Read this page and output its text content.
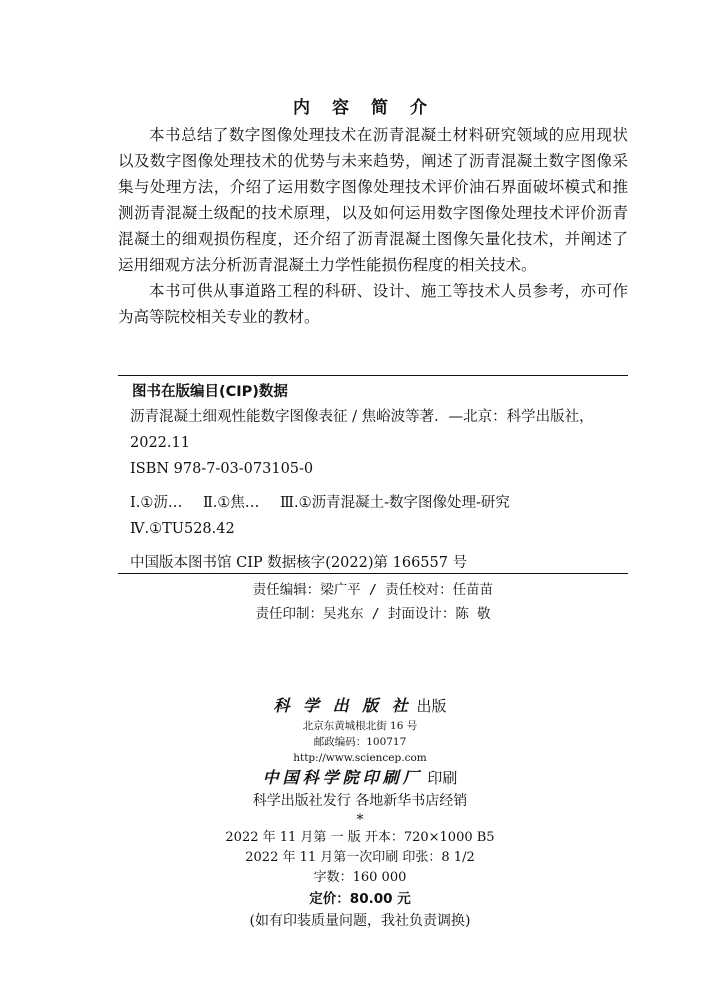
内容简介

本书总结了数字图像处理技术在沥青混凝土材料研究领域的应用现状以及数字图像处理技术的优势与未来趋势，阐述了沥青混凝土数字图像采集与处理方法，介绍了运用数字图像处理技术评价油石界面破坏模式和推测沥青混凝土级配的技术原理，以及如何运用数字图像处理技术评价沥青混凝土的细观损伤程度，还介绍了沥青混凝土图像矢量化技术，并阐述了运用细观方法分析沥青混凝土力学性能损伤程度的相关技术。

本书可供从事道路工程的科研、设计、施工等技术人员参考，亦可作为高等院校相关专业的教材。

图书在版编目(CIP)数据
沥青混凝土细观性能数字图像表征 / 焦峪波等著．—北京：科学出版社，2022.11
ISBN 978-7-03-073105-0
Ⅰ.①沥… Ⅱ.①焦… Ⅲ.①沥青混凝土-数字图像处理-研究
Ⅳ.①TU528.42
中国版本图书馆 CIP 数据核字(2022)第 166557 号
责任编辑：梁广平 / 责任校对：任苗苗
责任印制：吴兆东 / 封面设计：陈 敬
科 学 出 版 社 出版
北京东黄城根北街 16 号
邮政编码：100717
http://www.sciencep.com
中国科学院印刷厂 印刷
科学出版社发行 各地新华书店经销
*
2022 年 11 月第 一 版 开本：720×1000 B5
2022 年 11 月第一次印刷 印张：8 1/2
字数：160 000
定价：80.00 元
(如有印装质量问题，我社负责调换)
